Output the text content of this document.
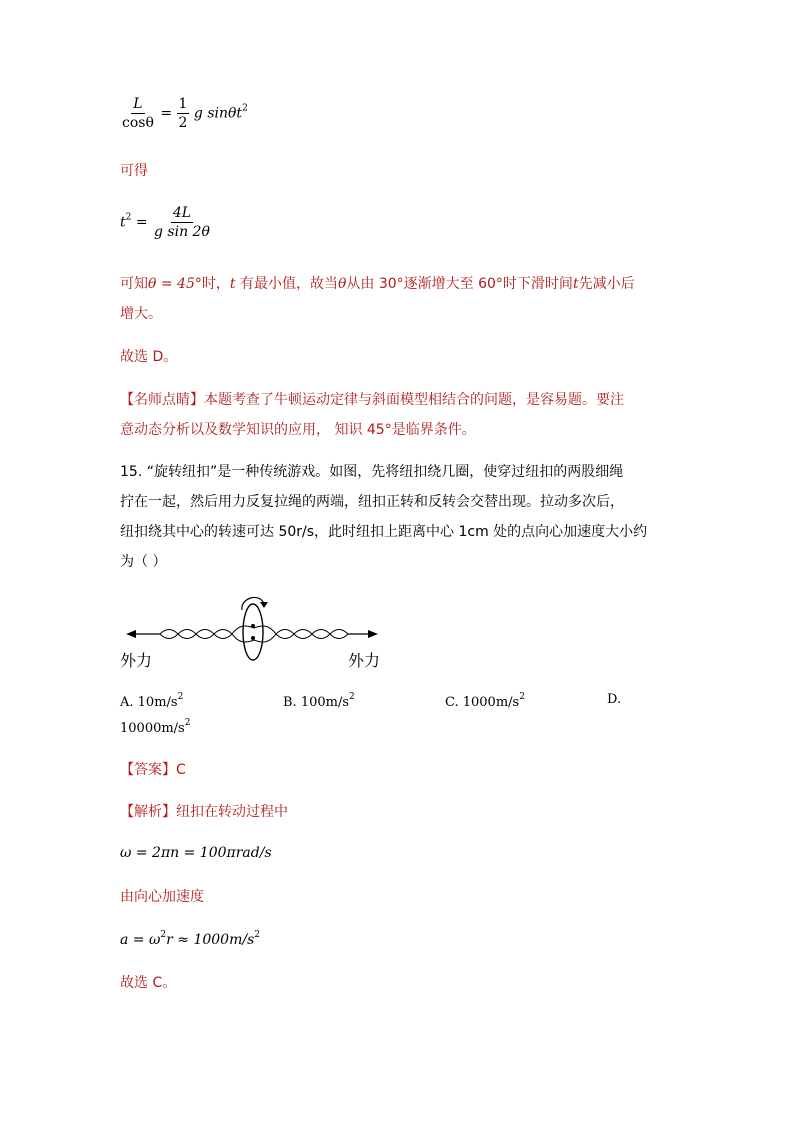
$\frac{L}{\cos\theta} = \frac{1}{2}$ g sinθt$^2$
可得
$t^2 = \frac{4L}{\text{g sin 2θ}}$
可知θ = 45°时，t 有最小值，故当θ从由 30°逐渐增大至 60°时下滑时间t先减小后
增大。
故选 D。
【名师点睛】本题考查了牛顿运动定律与斜面模型相结合的问题，是容易题。要注
意动态分析以及数学知识的应用， 知识 45°是临界条件。
15. “旋转纽扣”是一种传统游戏。如图，先将纽扣绕几圈，使穿过纽扣的两股细绳
拧在一起，然后用力反复拉绳的两端，纽扣正转和反转会交替出现。拉动多次后，
纽扣绕其中心的转速可达 50r/s，此时纽扣上距离中心 1cm 处的点向心加速度大小约
为（ ）
外力	外力
A. $10m/s^2$	B. $100m/s^2$	C. $1000m/s^2$	D.
$10000m/s^2$
【答案】C
【解析】纽扣在转动过程中
ω = 2πn = 100πrad/s
由向心加速度
$a = \omega^2r \approx 1000m/s^2$
故选 C。
